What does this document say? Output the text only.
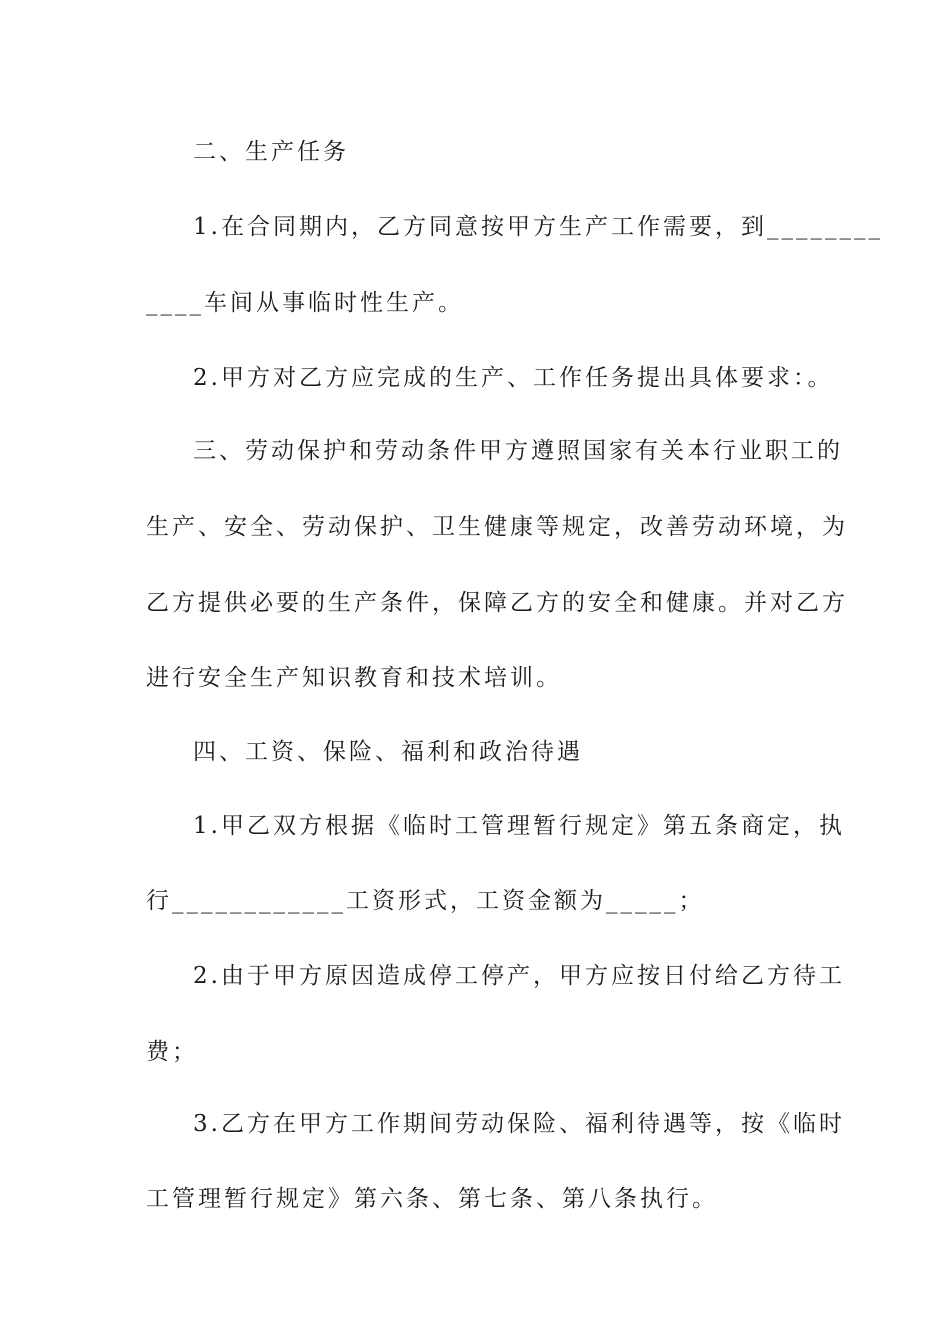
二、生产任务
1.在合同期内，乙方同意按甲方生产工作需要，到________
____车间从事临时性生产。
2.甲方对乙方应完成的生产、工作任务提出具体要求：。
三、劳动保护和劳动条件甲方遵照国家有关本行业职工的
生产、安全、劳动保护、卫生健康等规定，改善劳动环境，为
乙方提供必要的生产条件，保障乙方的安全和健康。并对乙方
进行安全生产知识教育和技术培训。
四、工资、保险、福利和政治待遇
1.甲乙双方根据《临时工管理暂行规定》第五条商定，执
行____________工资形式，工资金额为_____；
2.由于甲方原因造成停工停产，甲方应按日付给乙方待工
费；
3.乙方在甲方工作期间劳动保险、福利待遇等，按《临时
工管理暂行规定》第六条、第七条、第八条执行。
